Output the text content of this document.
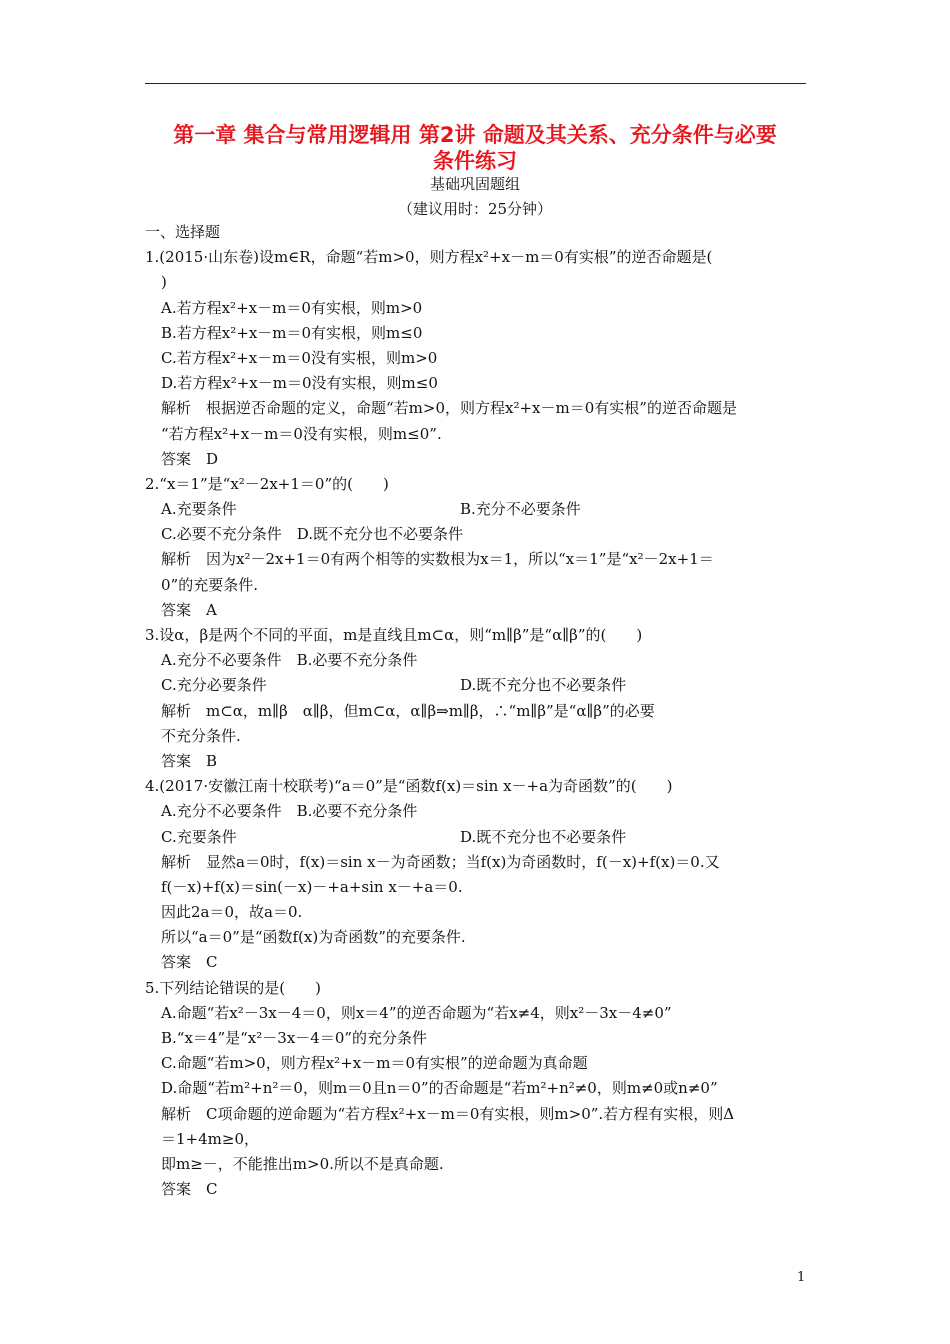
第一章 集合与常用逻辑用 第2讲 命题及其关系、充分条件与必要
条件练习
基础巩固题组
（建议用时：25分钟）
一、选择题
1.(2015·山东卷)设m∈R，命题“若m>0，则方程x²+x－m＝0有实根”的逆否命题是(
)
A.若方程x²+x－m＝0有实根，则m>0
B.若方程x²+x－m＝0有实根，则m≤0
C.若方程x²+x－m＝0没有实根，则m>0
D.若方程x²+x－m＝0没有实根，则m≤0
解析　根据逆否命题的定义，命题“若m>0，则方程x²+x－m＝0有实根”的逆否命题是
“若方程x²+x－m＝0没有实根，则m≤0”.
答案　D
2.“x＝1”是“x²－2x+1＝0”的(　　)
A.充要条件	B.充分不必要条件
C.必要不充分条件　D.既不充分也不必要条件
解析　因为x²－2x+1＝0有两个相等的实数根为x＝1，所以“x＝1”是“x²－2x+1＝
0”的充要条件.
答案　A
3.设α，β是两个不同的平面，m是直线且m⊂α，则“m∥β”是“α∥β”的(　　)
A.充分不必要条件　B.必要不充分条件
C.充分必要条件	D.既不充分也不必要条件
解析　m⊂α，m∥β　α∥β，但m⊂α，α∥β⇒m∥β，∴“m∥β”是“α∥β”的必要
不充分条件.
答案　B
4.(2017·安徽江南十校联考)“a＝0”是“函数f(x)＝sin x－+a为奇函数”的(　　)
A.充分不必要条件　B.必要不充分条件
C.充要条件	D.既不充分也不必要条件
解析　显然a＝0时，f(x)＝sin x－为奇函数；当f(x)为奇函数时，f(－x)+f(x)＝0.又
f(－x)+f(x)＝sin(－x)－+a+sin x－+a＝0.
因此2a＝0，故a＝0.
所以“a＝0”是“函数f(x)为奇函数”的充要条件.
答案　C
5.下列结论错误的是(　　)
A.命题“若x²－3x－4＝0，则x＝4”的逆否命题为“若x≠4，则x²－3x－4≠0”
B.“x＝4”是“x²－3x－4＝0”的充分条件
C.命题“若m>0，则方程x²+x－m＝0有实根”的逆命题为真命题
D.命题“若m²+n²＝0，则m＝0且n＝0”的否命题是“若m²+n²≠0，则m≠0或n≠0”
解析　C项命题的逆命题为“若方程x²+x－m＝0有实根，则m>0”.若方程有实根，则Δ
＝1+4m≥0，
即m≥－，不能推出m>0.所以不是真命题.
答案　C
1
